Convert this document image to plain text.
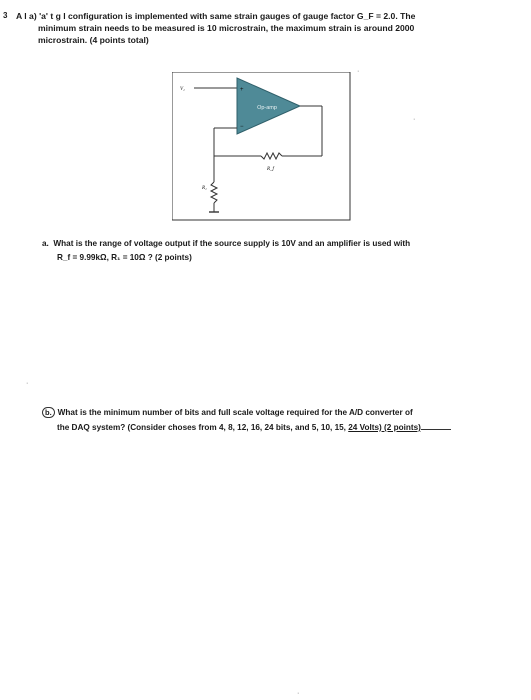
3 A l a) 'a' t g l configuration is implemented with same strain gauges of gauge factor G_F = 2.0. The
minimum strain needs to be measured is 10 microstrain, the maximum strain is around 2000
microstrain. (4 points total)
Op-amp
+
−
R_f
R₁
V₁
a. What is the range of voltage output if the source supply is 10V and an amplifier is used with
R_f = 9.99kΩ, R₁ = 10Ω ? (2 points)
b. What is the minimum number of bits and full scale voltage required for the A/D converter of
the DAQ system? (Consider choses from 4, 8, 12, 16, 24 bits, and 5, 10, 15, 24 Volts) (2 points)
·
·
·
·
